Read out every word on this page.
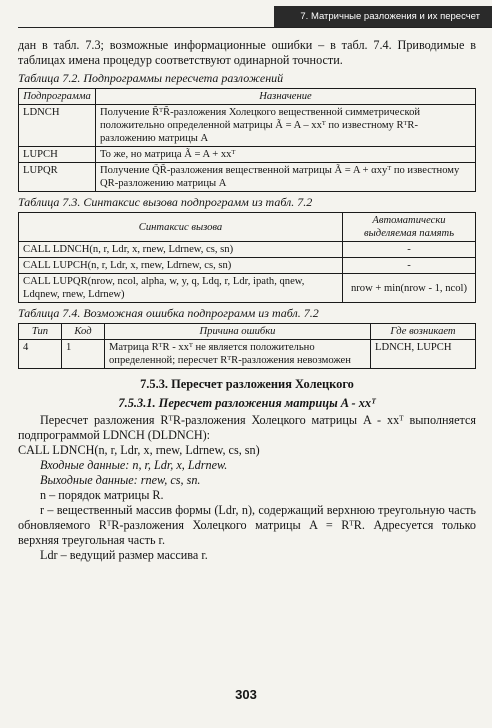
7. Матричные разложения и их пересчет

дан в табл. 7.3; возможные информационные ошибки – в табл. 7.4. Приводимые в таблицах имена процедур соответствуют одинарной точности.

Таблица 7.2. Подпрограммы пересчета разложений
Подпрограмма	Назначение
LDNCH	Получение R̃ᵀR̃-разложения Холецкого вещественной симметрической положительно определенной матрицы Ã = A – xxᵀ по известному RᵀR-разложению матрицы A
LUPCH	То же, но матрица Ã = A + xxᵀ
LUPQR	Получение Q̃R̃-разложения вещественной матрицы Ã = A + αxyᵀ по известному QR-разложению матрицы A
Таблица 7.3. Синтаксис вызова подпрограмм из табл. 7.2
Синтаксис вызова	Автоматически выделяемая память
CALL LDNCH(n, r, Ldr, x, rnew, Ldrnew, cs, sn)	-
CALL LUPCH(n, r, Ldr, x, rnew, Ldrnew, cs, sn)	-
CALL LUPQR(nrow, ncol, alpha, w, y, q, Ldq, r, Ldr, ipath, qnew, Ldqnew, rnew, Ldrnew)	nrow + min(nrow - 1, ncol)
Таблица 7.4. Возможная ошибка подпрограмм из табл. 7.2
Тип	Код	Причина ошибки	Где возникает
4	1	Матрица RᵀR - xxᵀ не является положительно определенной; пересчет RᵀR-разложения невозможен	LDNCH, LUPCH
7.5.3. Пересчет разложения Холецкого
7.5.3.1. Пересчет разложения матрицы A - xxᵀ

Пересчет разложения RᵀR-разложения Холецкого матрицы A - xxᵀ выполняется подпрограммой LDNCH (DLDNCH):

CALL LDNCH(n, r, Ldr, x, rnew, Ldrnew, cs, sn)

Входные данные: n, r, Ldr, x, Ldrnew.

Выходные данные: rnew, cs, sn.

n – порядок матрицы R.

r – вещественный массив формы (Ldr, n), содержащий верхнюю треугольную часть обновляемого RᵀR-разложения Холецкого матрицы A = RᵀR. Адресуется только верхняя треугольная часть r.

Ldr – ведущий размер массива r.

303
